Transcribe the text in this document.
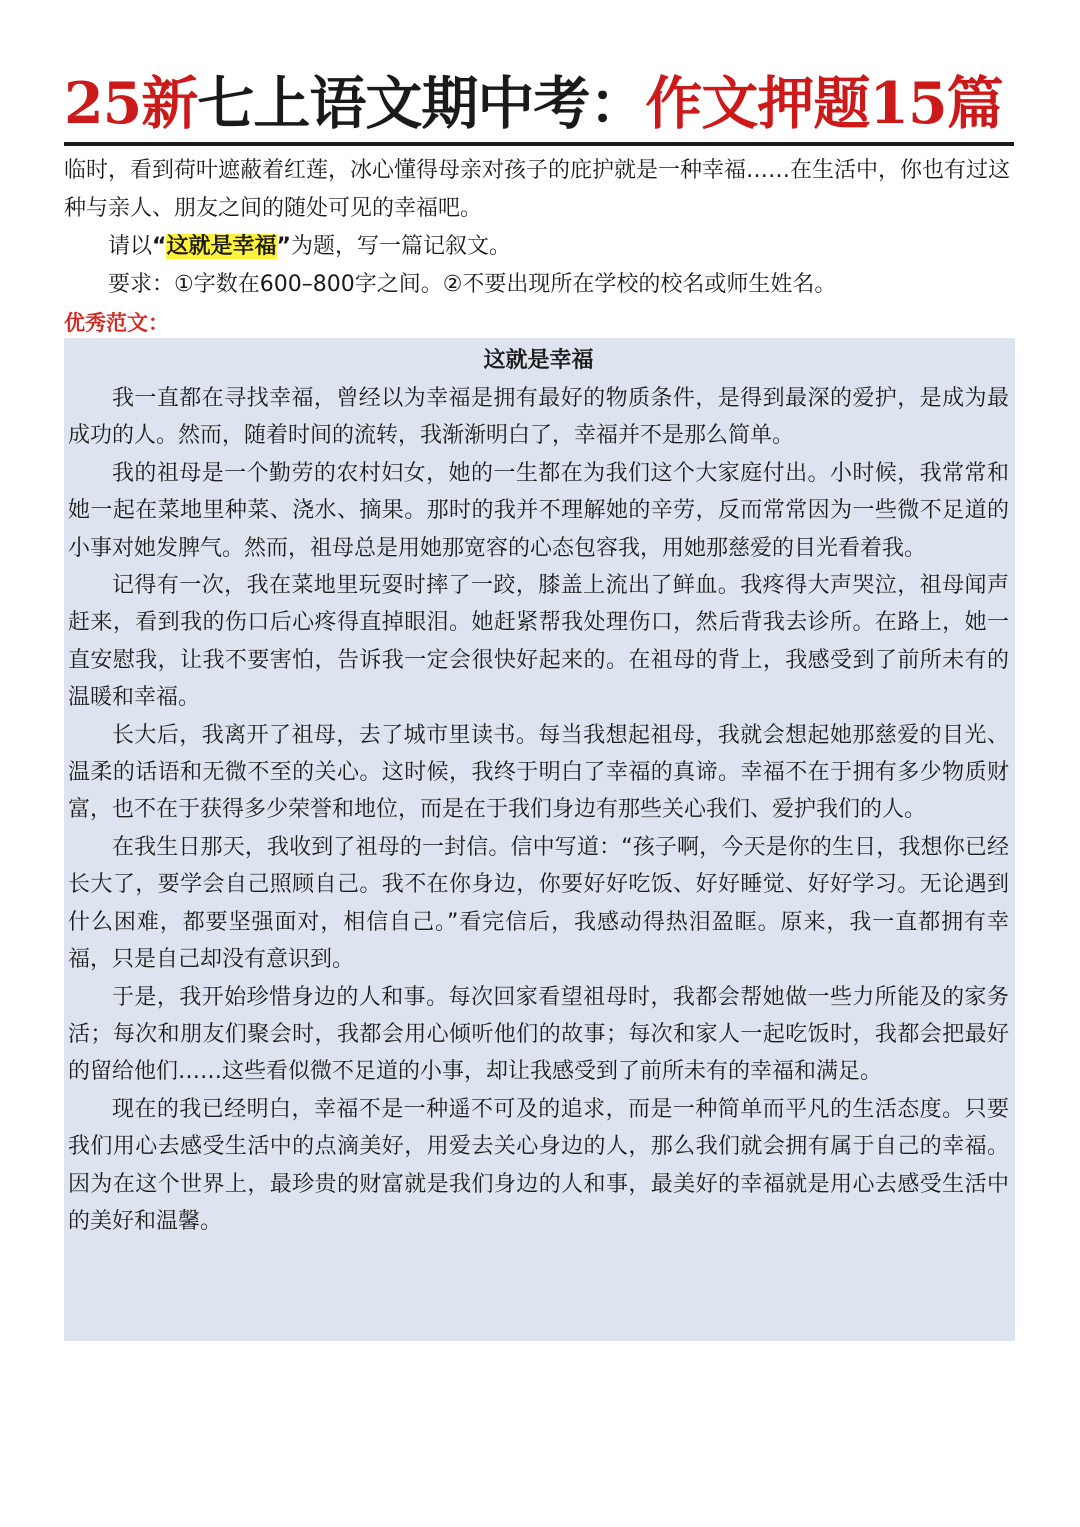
25新七上语文期中考：作文押题15篇

临时，看到荷叶遮蔽着红莲，冰心懂得母亲对孩子的庇护就是一种幸福……在生活中，你也有过这种与亲人、朋友之间的随处可见的幸福吧。

请以“这就是幸福”为题，写一篇记叙文。

要求：①字数在600–800字之间。②不要出现所在学校的校名或师生姓名。

优秀范文：

这就是幸福

我一直都在寻找幸福，曾经以为幸福是拥有最好的物质条件，是得到最深的爱护，是成为最成功的人。然而，随着时间的流转，我渐渐明白了，幸福并不是那么简单。

我的祖母是一个勤劳的农村妇女，她的一生都在为我们这个大家庭付出。小时候，我常常和她一起在菜地里种菜、浇水、摘果。那时的我并不理解她的辛劳，反而常常因为一些微不足道的小事对她发脾气。然而，祖母总是用她那宽容的心态包容我，用她那慈爱的目光看着我。

记得有一次，我在菜地里玩耍时摔了一跤，膝盖上流出了鲜血。我疼得大声哭泣，祖母闻声赶来，看到我的伤口后心疼得直掉眼泪。她赶紧帮我处理伤口，然后背我去诊所。在路上，她一直安慰我，让我不要害怕，告诉我一定会很快好起来的。在祖母的背上，我感受到了前所未有的温暖和幸福。

长大后，我离开了祖母，去了城市里读书。每当我想起祖母，我就会想起她那慈爱的目光、温柔的话语和无微不至的关心。这时候，我终于明白了幸福的真谛。幸福不在于拥有多少物质财富，也不在于获得多少荣誉和地位，而是在于我们身边有那些关心我们、爱护我们的人。

在我生日那天，我收到了祖母的一封信。信中写道：“孩子啊，今天是你的生日，我想你已经长大了，要学会自己照顾自己。我不在你身边，你要好好吃饭、好好睡觉、好好学习。无论遇到什么困难，都要坚强面对，相信自己。”看完信后，我感动得热泪盈眶。原来，我一直都拥有幸福，只是自己却没有意识到。

于是，我开始珍惜身边的人和事。每次回家看望祖母时，我都会帮她做一些力所能及的家务活；每次和朋友们聚会时，我都会用心倾听他们的故事；每次和家人一起吃饭时，我都会把最好的留给他们……这些看似微不足道的小事，却让我感受到了前所未有的幸福和满足。

现在的我已经明白，幸福不是一种遥不可及的追求，而是一种简单而平凡的生活态度。只要我们用心去感受生活中的点滴美好，用爱去关心身边的人，那么我们就会拥有属于自己的幸福。因为在这个世界上，最珍贵的财富就是我们身边的人和事，最美好的幸福就是用心去感受生活中的美好和温馨。
